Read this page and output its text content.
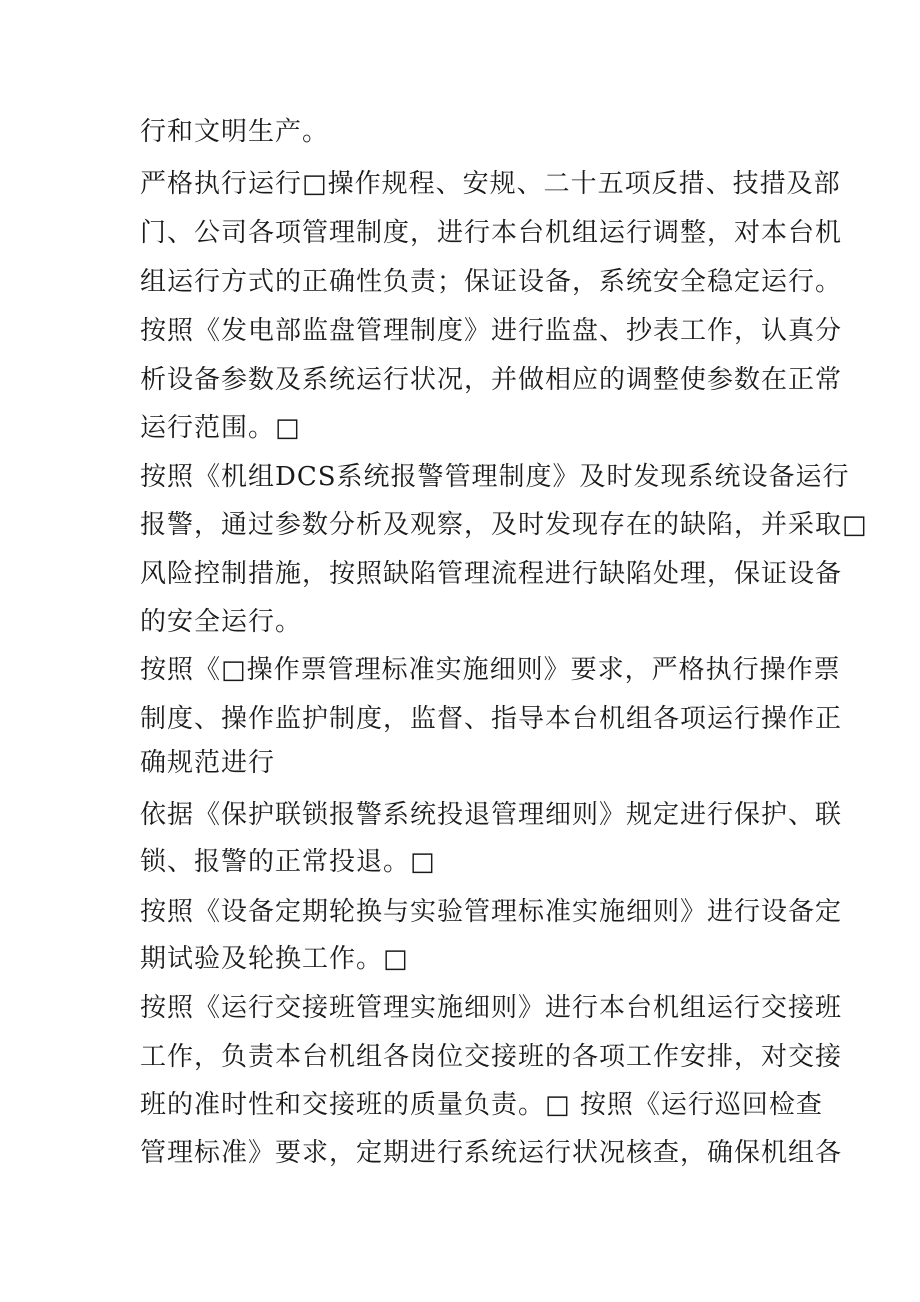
行和文明生产。
严格执行运行□操作规程、安规、二十五项反措、技措及部
门、公司各项管理制度，进行本台机组运行调整，对本台机
组运行方式的正确性负责；保证设备，系统安全稳定运行。
按照《发电部监盘管理制度》进行监盘、抄表工作，认真分
析设备参数及系统运行状况，并做相应的调整使参数在正常
运行范围。□
按照《机组DCS系统报警管理制度》及时发现系统设备运行
报警，通过参数分析及观察，及时发现存在的缺陷，并采取□
风险控制措施，按照缺陷管理流程进行缺陷处理，保证设备
的安全运行。
按照《□操作票管理标准实施细则》要求，严格执行操作票
制度、操作监护制度，监督、指导本台机组各项运行操作正
确规范进行
依据《保护联锁报警系统投退管理细则》规定进行保护、联
锁、报警的正常投退。□
按照《设备定期轮换与实验管理标准实施细则》进行设备定
期试验及轮换工作。□
按照《运行交接班管理实施细则》进行本台机组运行交接班
工作，负责本台机组各岗位交接班的各项工作安排，对交接
班的准时性和交接班的质量负责。□ 按照《运行巡回检查
管理标准》要求，定期进行系统运行状况核查，确保机组各
